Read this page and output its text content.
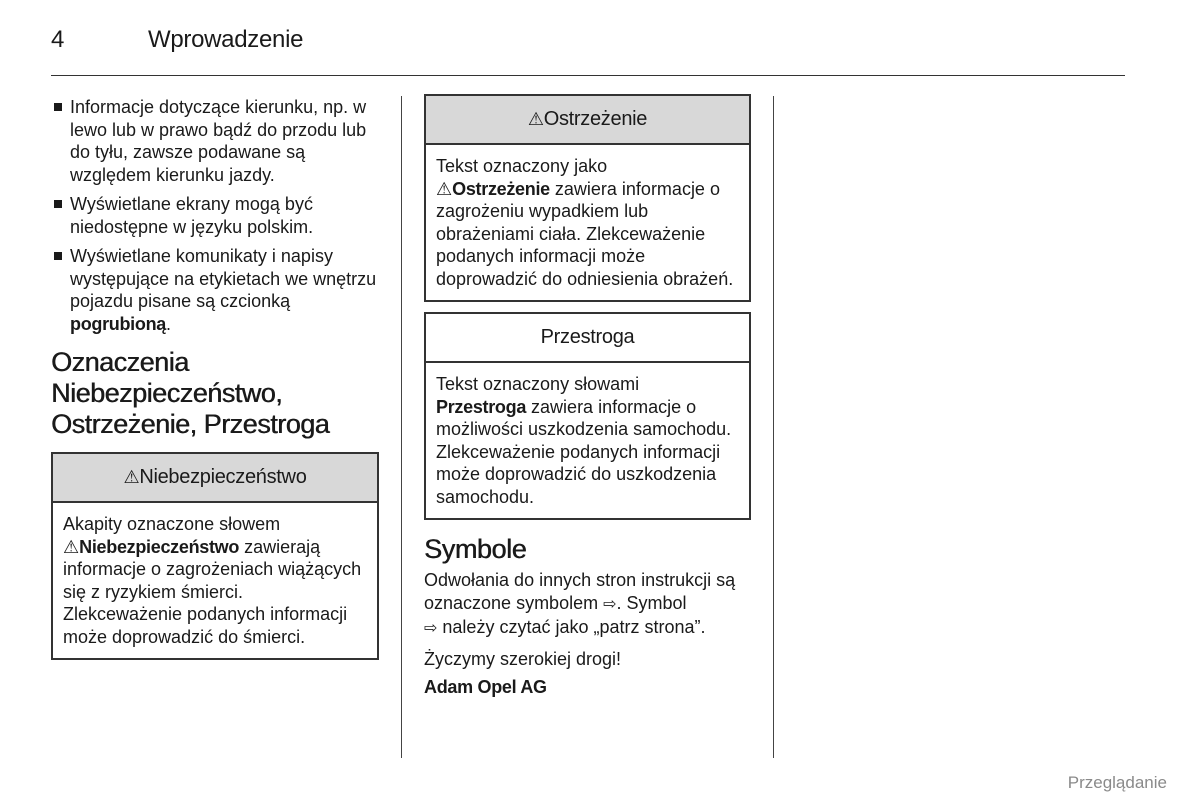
4	Wprowadzenie
Informacje dotyczące kierunku, np. w lewo lub w prawo bądź do przodu lub do tyłu, zawsze podawane są względem kierunku jazdy.
Wyświetlane ekrany mogą być niedostępne w języku polskim.
Wyświetlane komunikaty i napisy występujące na etykietach we wnętrzu pojazdu pisane są czcionką pogrubioną.
Oznaczenia
Niebezpieczeństwo,
Ostrzeżenie, Przestroga
⚠Niebezpieczeństwo
Akapity oznaczone słowem
⚠Niebezpieczeństwo zawierają informacje o zagrożeniach wiążących się z ryzykiem śmierci. Zlekceważenie podanych informacji może doprowadzić do śmierci.
⚠Ostrzeżenie
Tekst oznaczony jako
⚠Ostrzeżenie zawiera informacje o zagrożeniu wypadkiem lub obrażeniami ciała. Zlekceważenie podanych informacji może doprowadzić do odniesienia obrażeń.
Przestroga
Tekst oznaczony słowami
Przestroga zawiera informacje o możliwości uszkodzenia samochodu. Zlekceważenie podanych informacji może doprowadzić do uszkodzenia samochodu.
Symbole

Odwołania do innych stron instrukcji są oznaczone symbolem ⇨. Symbol
⇨ należy czytać jako „patrz strona”.

Życzymy szerokiej drogi!

Adam Opel AG
Przeglądanie
